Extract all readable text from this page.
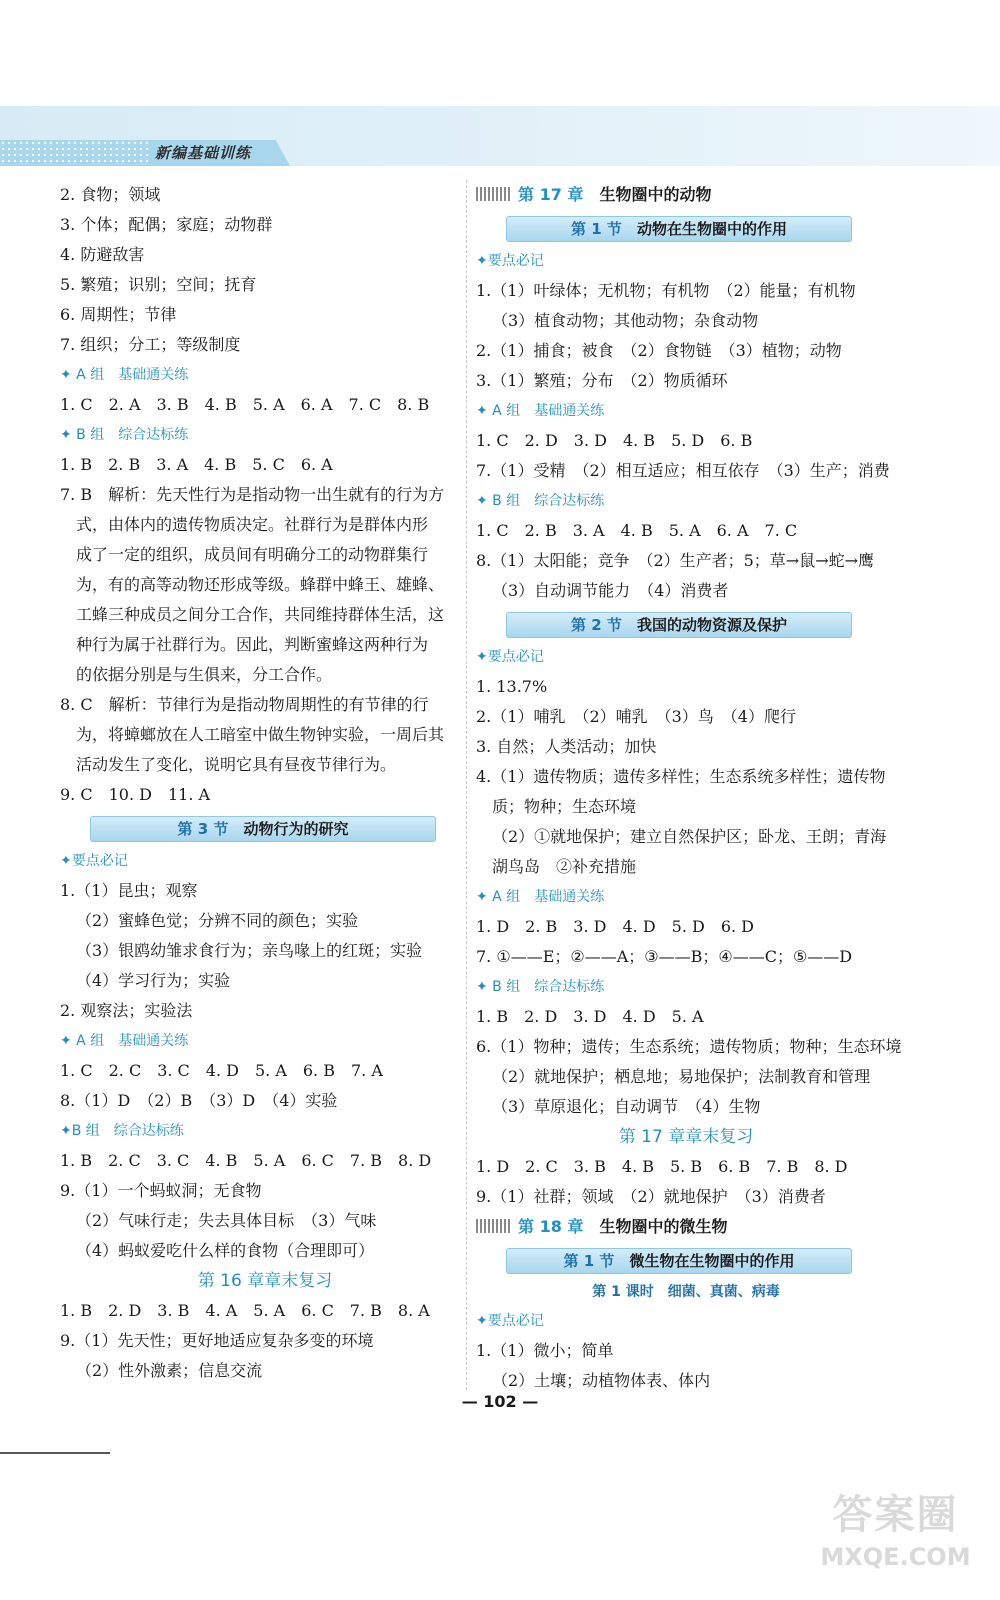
新编基础训练
2. 食物；领域
3. 个体；配偶；家庭；动物群
4. 防避敌害
5. 繁殖；识别；空间；抚育
6. 周期性；节律
7. 组织；分工；等级制度
✦ A 组　基础通关练
1. C　2. A　3. B　4. B　5. A　6. A　7. C　8. B
✦ B 组　综合达标练
1. B　2. B　3. A　4. B　5. C　6. A
7. B　解析：先天性行为是指动物一出生就有的行为方
式，由体内的遗传物质决定。社群行为是群体内形
成了一定的组织，成员间有明确分工的动物群集行
为，有的高等动物还形成等级。蜂群中蜂王、雄蜂、
工蜂三种成员之间分工合作，共同维持群体生活，这
种行为属于社群行为。因此，判断蜜蜂这两种行为
的依据分别是与生俱来，分工合作。
8. C　解析：节律行为是指动物周期性的有节律的行
为，将蟑螂放在人工暗室中做生物钟实验，一周后其
活动发生了变化，说明它具有昼夜节律行为。
9. C　10. D　11. A
第 3 节　 动物行为的研究
✦要点必记
1.（1）昆虫；观察
（2）蜜蜂色觉；分辨不同的颜色；实验
（3）银鸥幼雏求食行为；亲鸟喙上的红斑；实验
（4）学习行为；实验
2. 观察法；实验法
✦ A 组　基础通关练
1. C　2. C　3. C　4. D　5. A　6. B　7. A
8.（1）D　（2）B　（3）D　（4）实验
✦B 组　综合达标练
1. B　2. C　3. C　4. B　5. A　6. C　7. B　8. D
9.（1）一个蚂蚁洞；无食物
（2）气味行走；失去具体目标　（3）气味
（4）蚂蚁爱吃什么样的食物（合理即可）
第 16 章章末复习
1. B　2. D　3. B　4. A　5. A　6. C　7. B　8. A
9.（1）先天性；更好地适应复杂多变的环境
（2）性外激素；信息交流
第 17 章　 生物圈中的动物
第 1 节　 动物在生物圈中的作用
✦要点必记
1.（1）叶绿体；无机物；有机物　（2）能量；有机物
（3）植食动物；其他动物；杂食动物
2.（1）捕食；被食　（2）食物链　（3）植物；动物
3.（1）繁殖；分布　（2）物质循环
✦ A 组　基础通关练
1. C　2. D　3. D　4. B　5. D　6. B
7.（1）受精　（2）相互适应；相互依存　（3）生产；消费
✦ B 组　综合达标练
1. C　2. B　3. A　4. B　5. A　6. A　7. C
8.（1）太阳能；竞争　（2）生产者；5；草→鼠→蛇→鹰
（3）自动调节能力　（4）消费者
第 2 节　 我国的动物资源及保护
✦要点必记
1. 13.7%
2.（1）哺乳　（2）哺乳　（3）鸟　（4）爬行
3. 自然；人类活动；加快
4.（1）遗传物质；遗传多样性；生态系统多样性；遗传物
质；物种；生态环境
（2）①就地保护；建立自然保护区；卧龙、王朗；青海
湖鸟岛　②补充措施
✦ A 组　基础通关练
1. D　2. B　3. D　4. D　5. D　6. D
7. ①——E；②——A；③——B；④——C；⑤——D
✦ B 组　综合达标练
1. B　2. D　3. D　4. D　5. A
6.（1）物种；遗传；生态系统；遗传物质；物种；生态环境
（2）就地保护；栖息地；易地保护；法制教育和管理
（3）草原退化；自动调节　（4）生物
第 17 章章末复习
1. D　2. C　3. B　4. B　5. B　6. B　7. B　8. D
9.（1）社群；领域　（2）就地保护　（3）消费者
第 18 章　 生物圈中的微生物
第 1 节　 微生物在生物圈中的作用
第 1 课时　细菌、真菌、病毒
✦要点必记
1.（1）微小；简单
（2）土壤；动植物体表、体内
— 102 —
答案圈
MXQE.COM
